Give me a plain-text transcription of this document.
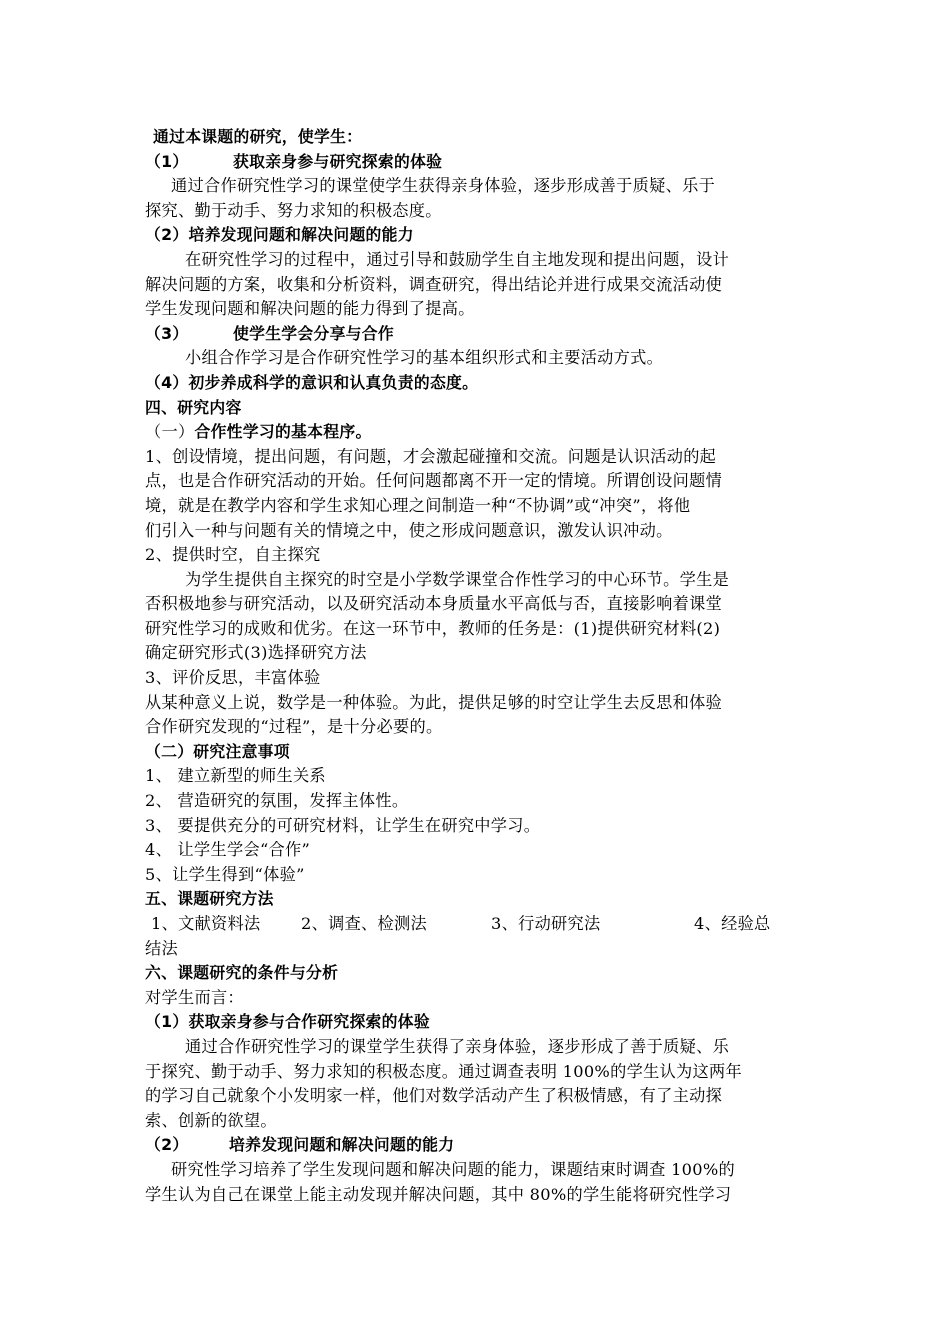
通过本课题的研究，使学生：
（1）	获取亲身参与研究探索的体验
通过合作研究性学习的课堂使学生获得亲身体验，逐步形成善于质疑、乐于
探究、勤于动手、努力求知的积极态度。
（2）培养发现问题和解决问题的能力
在研究性学习的过程中，通过引导和鼓励学生自主地发现和提出问题，设计
解决问题的方案，收集和分析资料，调查研究，得出结论并进行成果交流活动使
学生发现问题和解决问题的能力得到了提高。
（3）	使学生学会分享与合作
小组合作学习是合作研究性学习的基本组织形式和主要活动方式。
（4）初步养成科学的意识和认真负责的态度。
四、研究内容
（一）合作性学习的基本程序。
1、创设情境，提出问题，有问题，才会激起碰撞和交流。问题是认识活动的起
点，也是合作研究活动的开始。任何问题都离不开一定的情境。所谓创设问题情
境，就是在教学内容和学生求知心理之间制造一种“不协调”或“冲突”，将他
们引入一种与问题有关的情境之中，使之形成问题意识，激发认识冲动。
2、提供时空，自主探究
为学生提供自主探究的时空是小学数学课堂合作性学习的中心环节。学生是
否积极地参与研究活动，以及研究活动本身质量水平高低与否，直接影响着课堂
研究性学习的成败和优劣。在这一环节中，教师的任务是：(1)提供研究材料(2)
确定研究形式(3)选择研究方法
3、评价反思，丰富体验
从某种意义上说，数学是一种体验。为此，提供足够的时空让学生去反思和体验
合作研究发现的“过程”，是十分必要的。
（二）研究注意事项
1、 建立新型的师生关系
2、 营造研究的氛围，发挥主体性。
3、 要提供充分的可研究材料，让学生在研究中学习。
4、 让学生学会“合作”
5、让学生得到“体验”
五、课题研究方法
1、文献资料法 2、调查、检测法	3、行动研究法	4、经验总
结法
六、课题研究的条件与分析
对学生而言：
（1）获取亲身参与合作研究探索的体验
通过合作研究性学习的课堂学生获得了亲身体验，逐步形成了善于质疑、乐
于探究、勤于动手、努力求知的积极态度。通过调查表明 100%的学生认为这两年
的学习自己就象个小发明家一样，他们对数学活动产生了积极情感，有了主动探
索、创新的欲望。
（2）	培养发现问题和解决问题的能力
研究性学习培养了学生发现问题和解决问题的能力，课题结束时调查 100%的
学生认为自己在课堂上能主动发现并解决问题，其中 80%的学生能将研究性学习
